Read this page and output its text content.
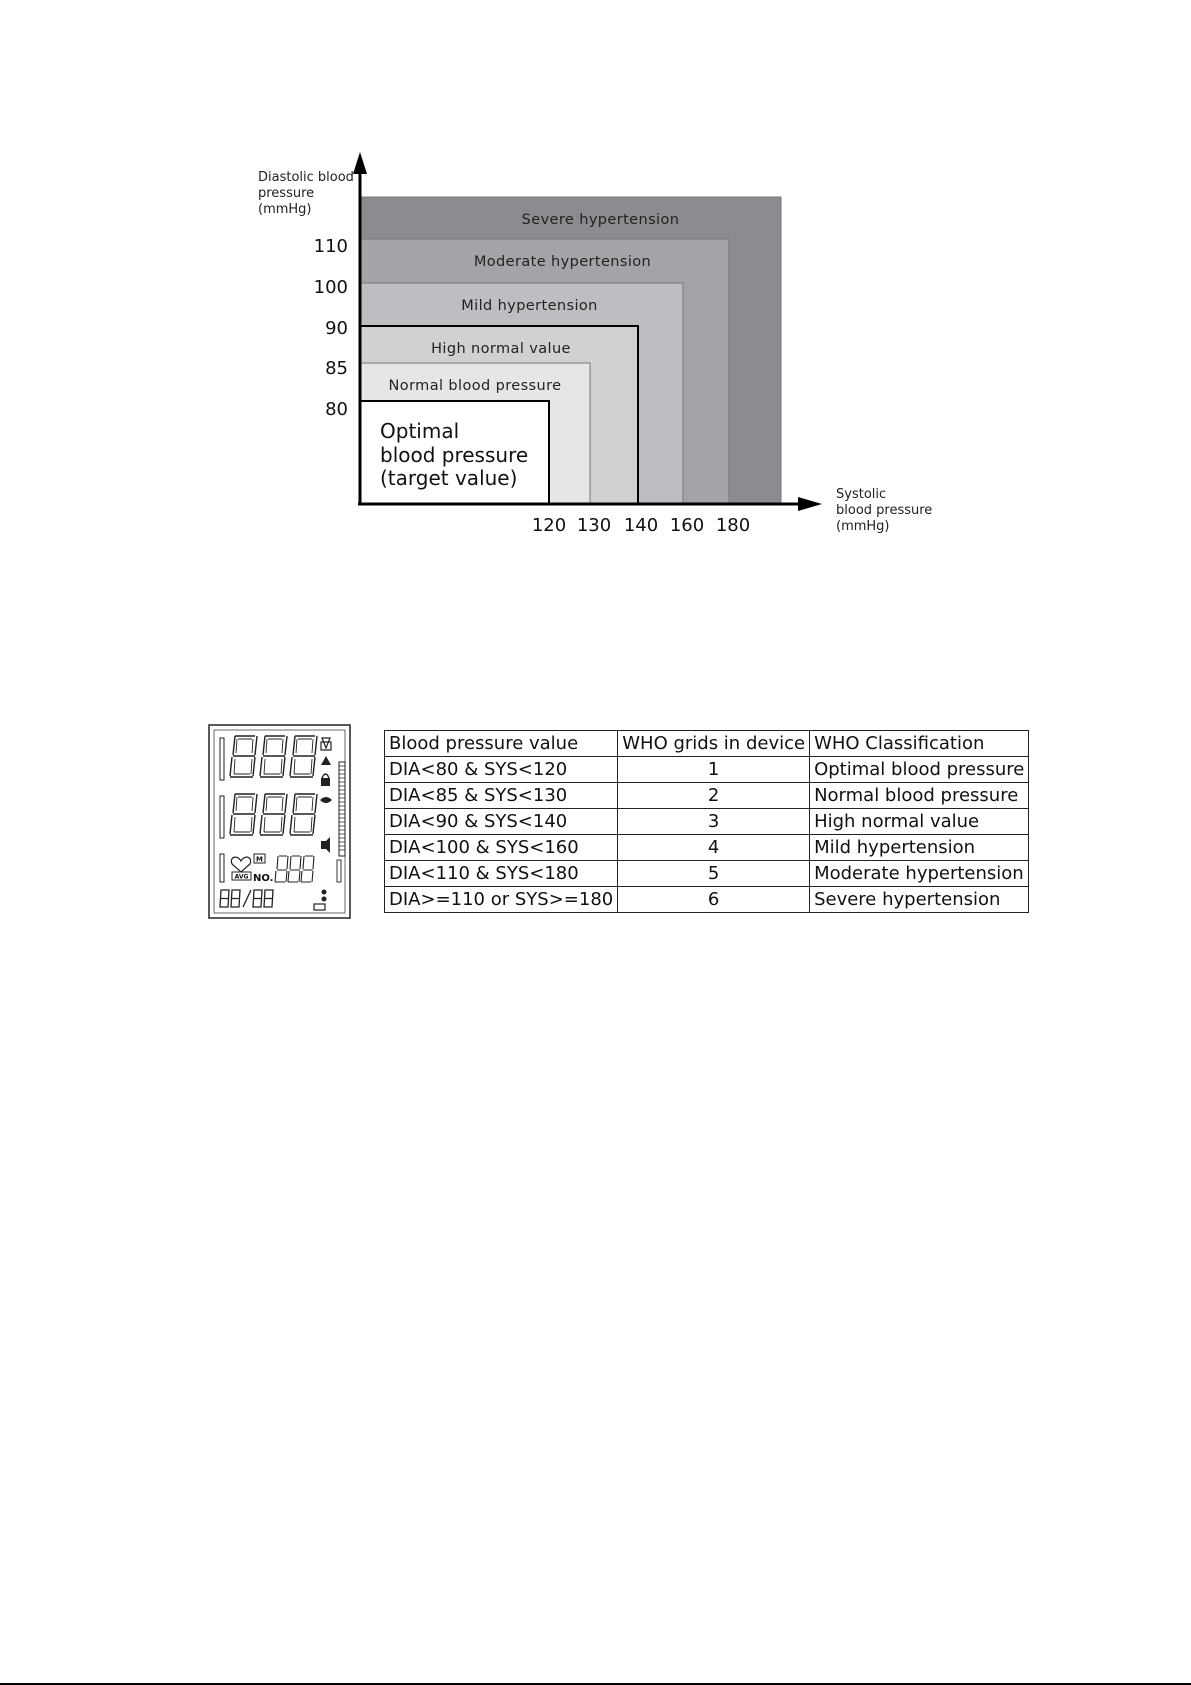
Severe hypertension
Moderate hypertension
Mild hypertension
High normal value
Normal blood pressure
Diastolic blood
pressure
(mmHg)
Systolic
blood pressure
(mmHg)
110
100
90
85
80
120 130 140 160 180
Optimal
blood pressure
(target value)
M
AVG NO.
Blood pressure value	WHO grids in device	WHO Classification
DIA<80 & SYS<120	1	Optimal blood pressure
DIA<85 & SYS<130	2	Normal blood pressure
DIA<90 & SYS<140	3	High normal value
DIA<100 & SYS<160	4	Mild hypertension
DIA<110 & SYS<180	5	Moderate hypertension
DIA>=110 or SYS>=180	6	Severe hypertension
